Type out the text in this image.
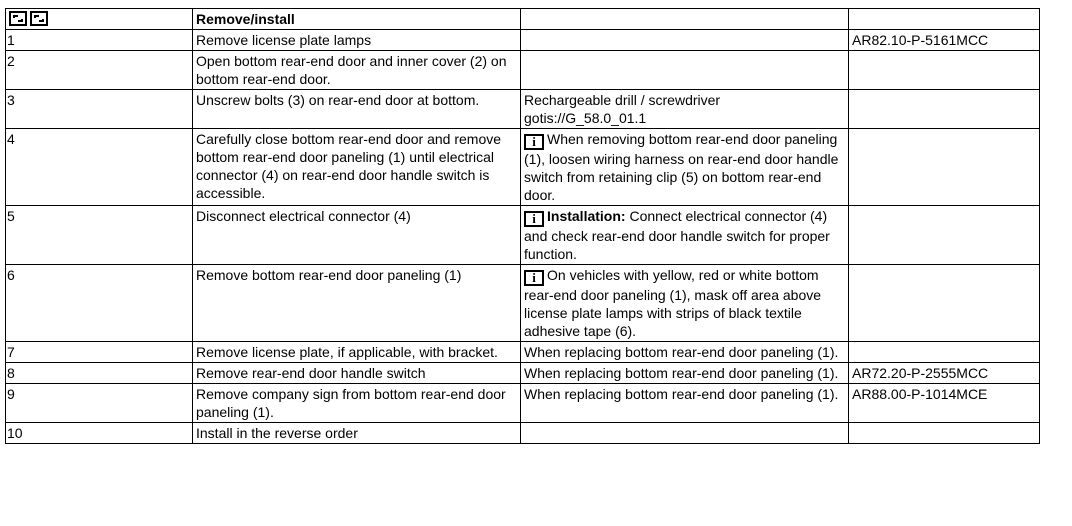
	Remove/install		
1	Remove license plate lamps		AR82.10-P-5161MCC
2	Open bottom rear-end door and inner cover (2) on bottom rear-end door.		
3	Unscrew bolts (3) on rear-end door at bottom.	Rechargeable drill / screwdriver gotis://G_58.0_01.1	
4	Carefully close bottom rear-end door and remove bottom rear-end door paneling (1) until electrical connector (4) on rear-end door handle switch is accessible.	i When removing bottom rear-end door paneling (1), loosen wiring harness on rear-end door handle switch from retaining clip (5) on bottom rear-end door.	
5	Disconnect electrical connector (4)	i Installation: Connect electrical connector (4) and check rear-end door handle switch for proper function.	
6	Remove bottom rear-end door paneling (1)	i On vehicles with yellow, red or white bottom rear-end door paneling (1), mask off area above license plate lamps with strips of black textile adhesive tape (6).	
7	Remove license plate, if applicable, with bracket.	When replacing bottom rear-end door paneling (1).	
8	Remove rear-end door handle switch	When replacing bottom rear-end door paneling (1).	AR72.20-P-2555MCC
9	Remove company sign from bottom rear-end door paneling (1).	When replacing bottom rear-end door paneling (1).	AR88.00-P-1014MCE
10	Install in the reverse order		
